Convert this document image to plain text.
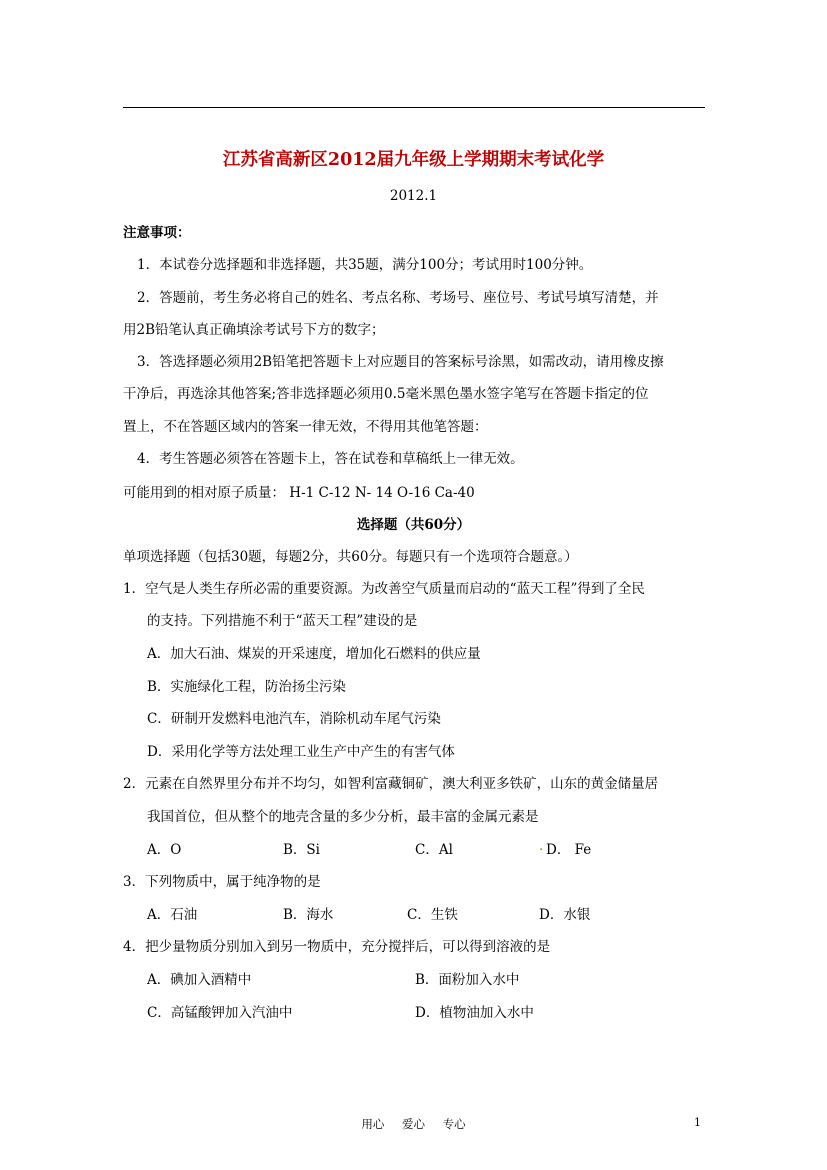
江苏省高新区2012届九年级上学期期末考试化学
2012.1
注意事项：
1．本试卷分选择题和非选择题，共35题，满分100分；考试用时100分钟。
2．答题前，考生务必将自己的姓名、考点名称、考场号、座位号、考试号填写清楚，并
用2B铅笔认真正确填涂考试号下方的数字；
3．答选择题必须用2B铅笔把答题卡上对应题目的答案标号涂黑，如需改动，请用橡皮擦
干净后，再选涂其他答案;答非选择题必须用0.5毫米黑色墨水签字笔写在答题卡指定的位
置上，不在答题区域内的答案一律无效，不得用其他笔答题：
4．考生答题必须答在答题卡上，答在试卷和草稿纸上一律无效。
可能用到的相对原子质量： H-1 C-12 N- 14 O-16 Ca-40
选择题（共60分）
单项选择题（包括30题，每题2分，共60分。每题只有一个选项符合题意。）
1．空气是人类生存所必需的重要资源。为改善空气质量而启动的“蓝天工程”得到了全民
的支持。下列措施不利于“蓝天工程”建设的是
A．加大石油、煤炭的开采速度，增加化石燃料的供应量
B．实施绿化工程，防治扬尘污染
C．研制开发燃料电池汽车，消除机动车尾气污染
D．采用化学等方法处理工业生产中产生的有害气体
2．元素在自然界里分布并不均匀，如智利富藏铜矿，澳大利亚多铁矿，山东的黄金储量居
我国首位，但从整个的地壳含量的多少分析，最丰富的金属元素是
A．O	B．Si	C．Al	. D． Fe
3．下列物质中，属于纯净物的是
A．石油	B．海水	C．生铁	D．水银
4．把少量物质分别加入到另一物质中，充分搅拌后，可以得到溶液的是
A．碘加入酒精中	B．面粉加入水中
C．高锰酸钾加入汽油中	D．植物油加入水中
用心 爱心 专心	1
